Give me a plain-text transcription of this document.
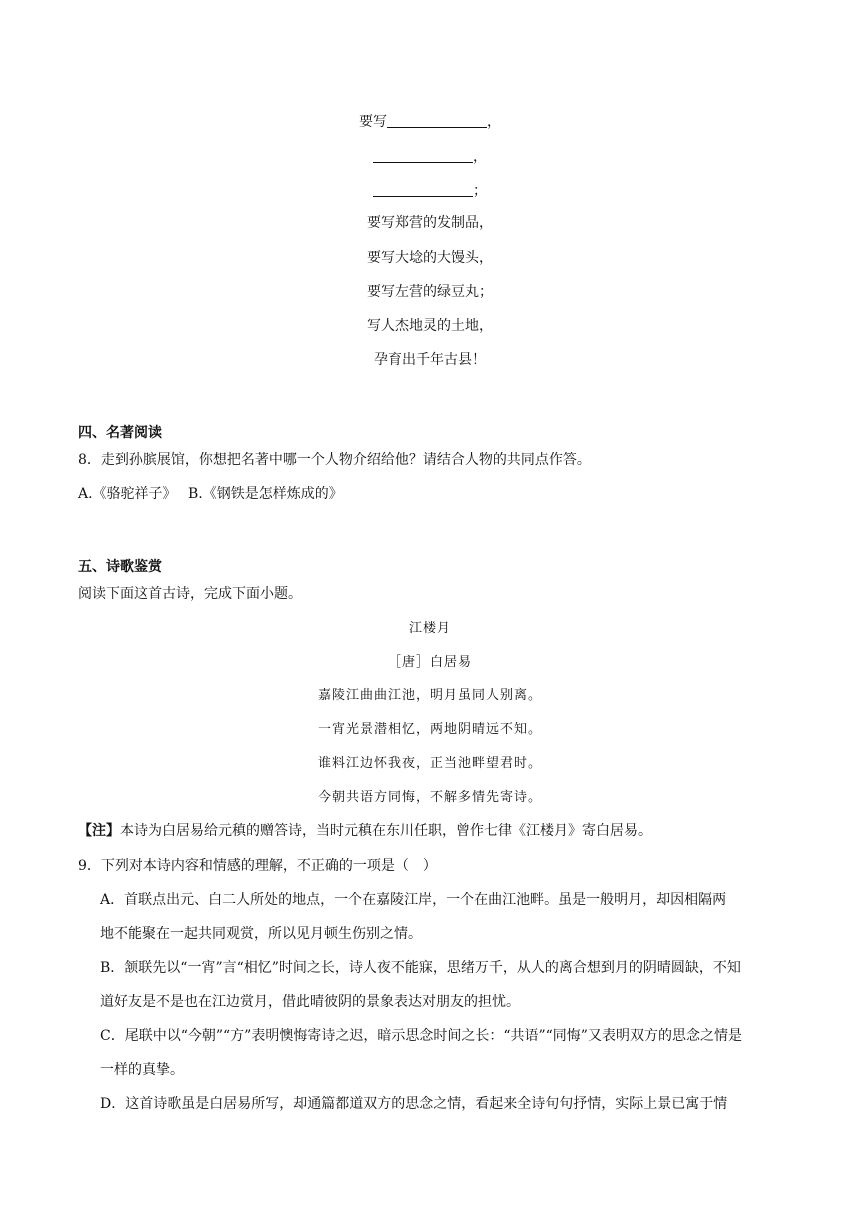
要写	，
，
；
要写郑营的发制品，
要写大埝的大馒头，
要写左营的绿豆丸；
写人杰地灵的土地，
孕育出千年古县！
四、名著阅读
8．走到孙膑展馆，你想把名著中哪一个人物介绍给他？请结合人物的共同点作答。
A.《骆驼祥子》　 B.《钢铁是怎样炼成的》
五、诗歌鉴赏
阅读下面这首古诗，完成下面小题。
江楼月
［唐］白居易
嘉陵江曲曲江池，明月虽同人别离。
一宵光景潜相忆，两地阴晴远不知。
谁料江边怀我夜，正当池畔望君时。
今朝共语方同悔，不解多情先寄诗。
【注】本诗为白居易给元稹的赠答诗，当时元稹在东川任职，曾作七律《江楼月》寄白居易。
9．下列对本诗内容和情感的理解，不正确的一项是（　）
A．首联点出元、白二人所处的地点，一个在嘉陵江岸，一个在曲江池畔。虽是一般明月，却因相隔两
地不能聚在一起共同观赏，所以见月顿生伤别之情。
B．颔联先以“一宵”言“相忆”时间之长，诗人夜不能寐，思绪万千，从人的离合想到月的阴晴圆缺，不知
道好友是不是也在江边赏月，借此晴彼阴的景象表达对朋友的担忧。
C．尾联中以“今朝”“方”表明懊悔寄诗之迟，暗示思念时间之长：“共语”“同悔”又表明双方的思念之情是
一样的真挚。
D．这首诗歌虽是白居易所写，却通篇都道双方的思念之情，看起来全诗句句抒情，实际上景已寓于情
